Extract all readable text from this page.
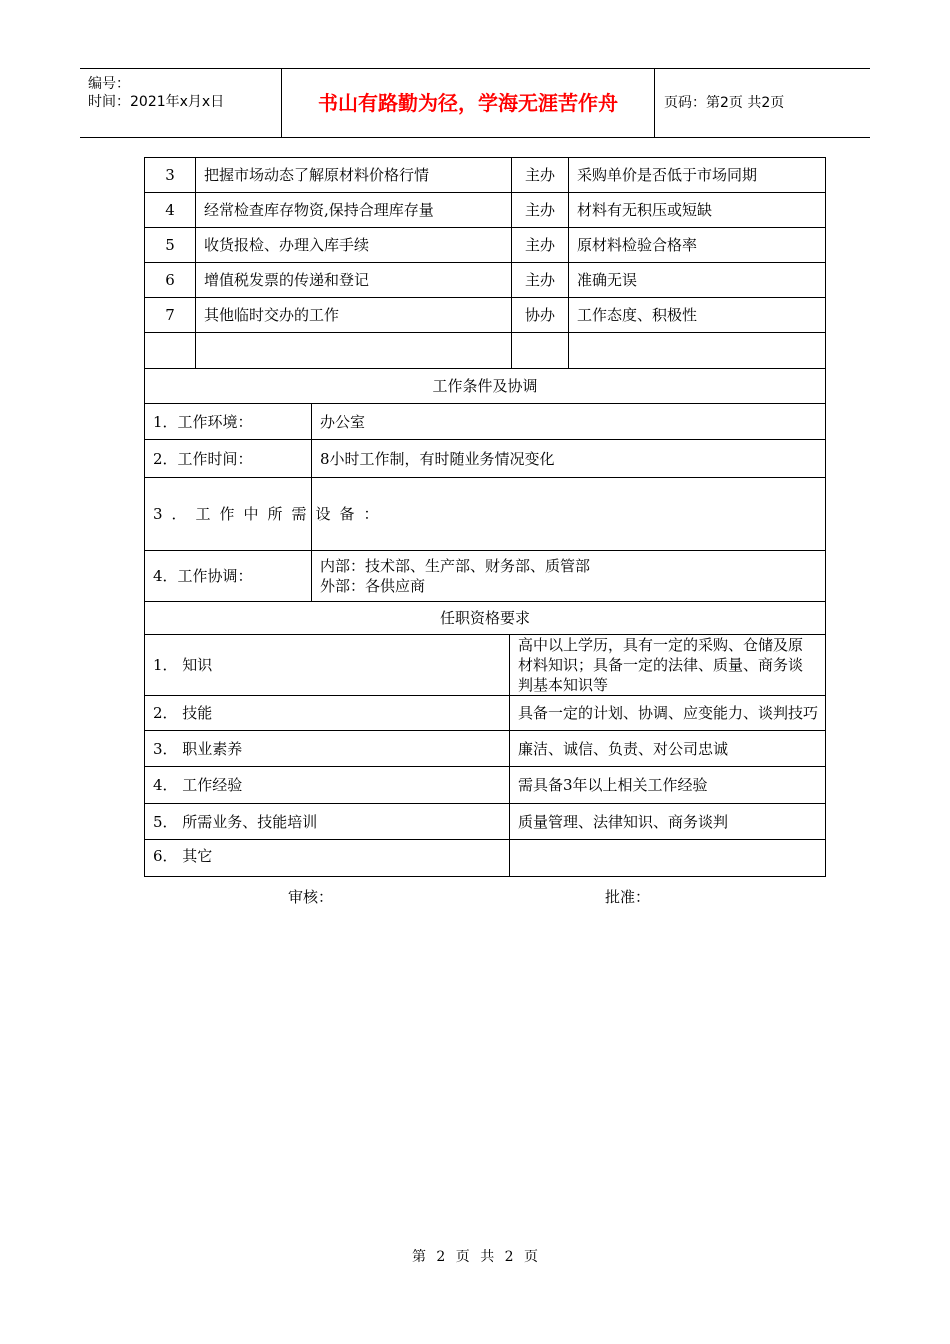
编号：
时间：2021年x月x日	书山有路勤为径，学海无涯苦作舟	页码：第2页 共2页
3	把握市场动态了解原材料价格行情			主办	采购单价是否低于市场同期
4	经常检查库存物资,保持合理库存量			主办	材料有无积压或短缺
5	收货报检、办理入库手续			主办	原材料检验合格率
6	增值税发票的传递和登记			主办	准确无误
7	其他临时交办的工作			协办	工作态度、积极性

工作条件及协调					
1．工作环境：		办公室			
2．工作时间：		8小时工作制，有时随业务情况变化			
3．工作中所需设备：					
4．工作协调：		内部：技术部、生产部、财务部、质管部
外部：各供应商			

任职资格要求					
1． 知识			高中以上学历，具有一定的采购、仓储及原材料知识；具备一定的法律、质量、商务谈判基本知识等		
2． 技能			具备一定的计划、协调、应变能力、谈判技巧		
3． 职业素养			廉洁、诚信、负责、对公司忠诚		
4． 工作经验			需具备3年以上相关工作经验		
5． 所需业务、技能培训			质量管理、法律知识、商务谈判		
6． 其它					
审核：	批准：
第 2 页 共 2 页
